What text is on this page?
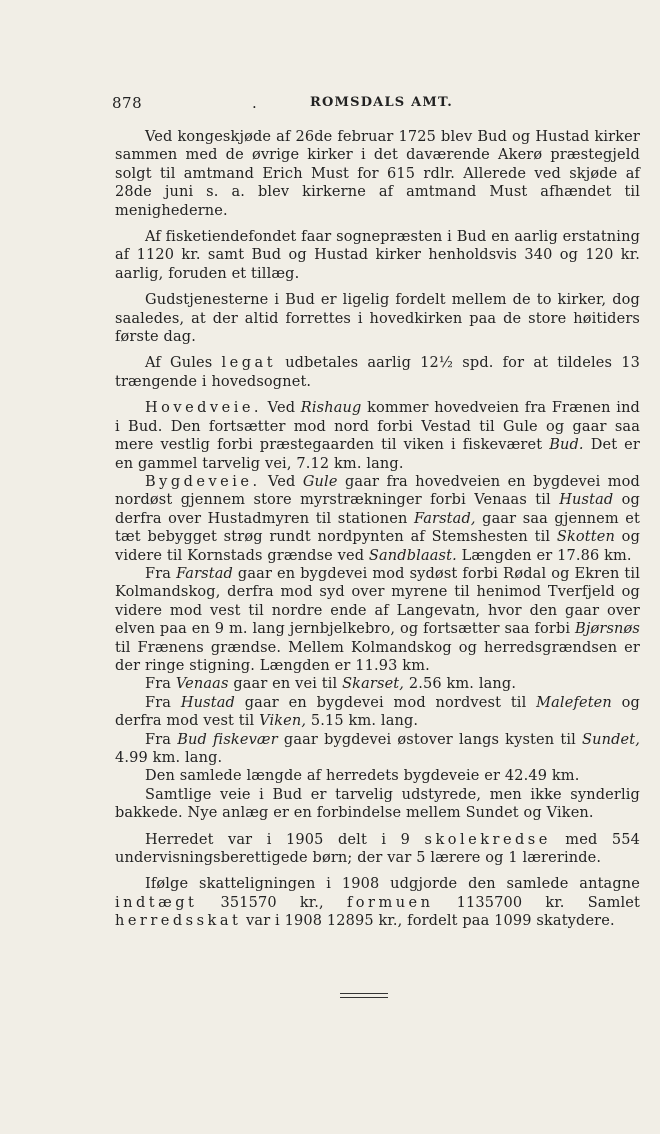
878	.	ROMSDALS AMT.

Ved kongeskjøde af 26de februar 1725 blev Bud og Hustad kirker sammen med de øvrige kirker i det daværende Akerø præstegjeld solgt til amtmand Erich Must for 615 rdlr. Allerede ved skjøde af 28de juni s. a. blev kirkerne af amtmand Must afhændet til menighederne.

Af fisketiendefondet faar sognepræsten i Bud en aarlig erstatning af 1120 kr. samt Bud og Hustad kirker henholdsvis 340 og 120 kr. aarlig, foruden et tillæg.

Gudstjenesterne i Bud er ligelig fordelt mellem de to kirker, dog saaledes, at der altid forrettes i hovedkirken paa de store høitiders første dag.

Af Gules legat udbetales aarlig 12½ spd. for at tildeles 13 trængende i hovedsognet.

Hovedveie. Ved Rishaug kommer hovedveien fra Frænen ind i Bud. Den fortsætter mod nord forbi Vestad til Gule og gaar saa mere vestlig forbi præstegaarden til viken i fiskeværet Bud. Det er en gammel tarvelig vei, 7.12 km. lang.

Bygdeveie. Ved Gule gaar fra hovedveien en bygdevei mod nordøst gjennem store myrstrækninger forbi Venaas til Hustad og derfra over Hustadmyren til stationen Farstad, gaar saa gjennem et tæt bebygget strøg rundt nordpynten af Stemshesten til Skotten og videre til Kornstads grændse ved Sandblaast. Længden er 17.86 km.

Fra Farstad gaar en bygdevei mod sydøst forbi Rødal og Ekren til Kolmandskog, derfra mod syd over myrene til henimod Tverfjeld og videre mod vest til nordre ende af Langevatn, hvor den gaar over elven paa en 9 m. lang jernbjelkebro, og fortsætter saa forbi Bjørsnøs til Frænens grændse. Mellem Kolmandskog og herredsgrændsen er der ringe stigning. Længden er 11.93 km.

Fra Venaas gaar en vei til Skarset, 2.56 km. lang.

Fra Hustad gaar en bygdevei mod nordvest til Malefeten og derfra mod vest til Viken, 5.15 km. lang.

Fra Bud fiskevær gaar bygdevei østover langs kysten til Sundet, 4.99 km. lang.

Den samlede længde af herredets bygdeveie er 42.49 km.

Samtlige veie i Bud er tarvelig udstyrede, men ikke synderlig bakkede. Nye anlæg er en forbindelse mellem Sundet og Viken.

Herredet var i 1905 delt i 9 skolekredse med 554 undervisningsberettigede børn; der var 5 lærere og 1 lærerinde.

Ifølge skatteligningen i 1908 udgjorde den samlede antagne indtægt 351570 kr., formuen 1135700 kr. Samlet herredsskat var i 1908 12895 kr., fordelt paa 1099 skatydere.
